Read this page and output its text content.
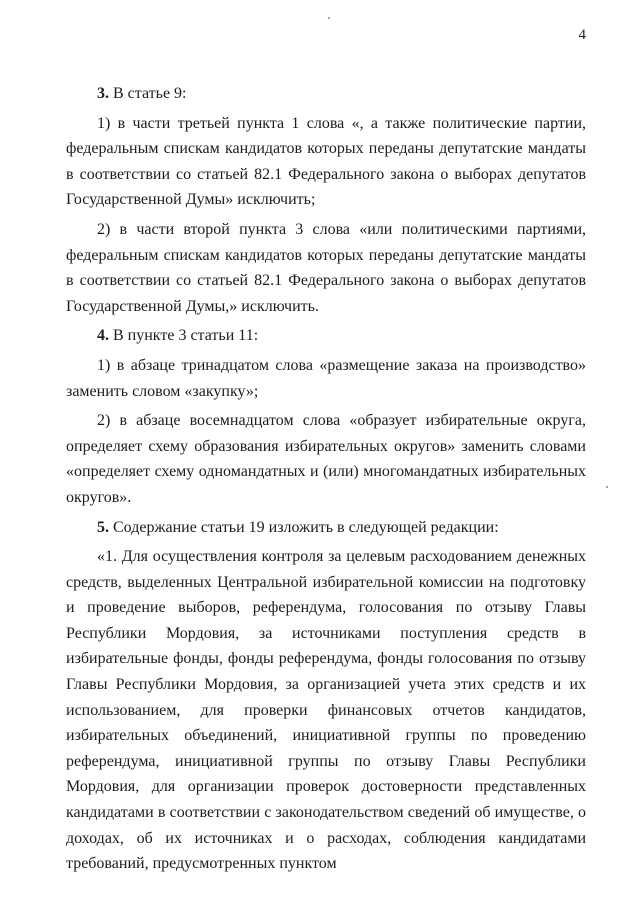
4

3. В статье 9:

1) в части третьей пункта 1 слова «, а также политические партии, федеральным спискам кандидатов которых переданы депутатские мандаты в соответствии со статьей 82.1 Федерального закона о выборах депутатов Государственной Думы» исключить;

2) в части второй пункта 3 слова «или политическими партиями, федеральным спискам кандидатов которых переданы депутатские мандаты в соответствии со статьей 82.1 Федерального закона о выборах депутатов Государственной Думы,» исключить.

4. В пункте 3 статьи 11:

1) в абзаце тринадцатом слова «размещение заказа на производство» заменить словом «закупку»;

2) в абзаце восемнадцатом слова «образует избирательные округа, определяет схему образования избирательных округов» заменить словами «определяет схему одномандатных и (или) многомандатных избирательных округов».

5. Содержание статьи 19 изложить в следующей редакции:

«1. Для осуществления контроля за целевым расходованием денежных средств, выделенных Центральной избирательной комиссии на подготовку и проведение выборов, референдума, голосования по отзыву Главы Республики Мордовия, за источниками поступления средств в избирательные фонды, фонды референдума, фонды голосования по отзыву Главы Республики Мордовия, за организацией учета этих средств и их использованием, для проверки финансовых отчетов кандидатов, избирательных объединений, инициативной группы по проведению референдума, инициативной группы по отзыву Главы Республики Мордовия, для организации проверок достоверности представленных кандидатами в соответствии с законодательством сведений об имуществе, о доходах, об их источниках и о расходах, соблюдения кандидатами требований, предусмотренных пунктом
